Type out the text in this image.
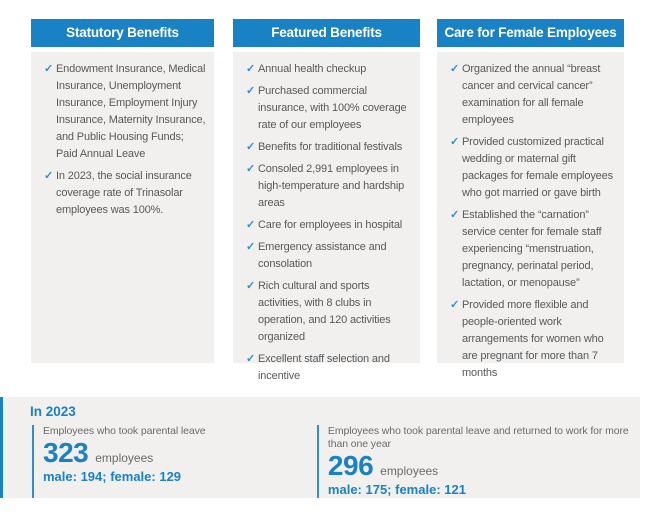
Statutory Benefits
✓ Endowment Insurance, Medical Insurance, Unemployment Insurance, Employment Injury Insurance, Maternity Insurance, and Public Housing Funds; Paid Annual Leave
✓ In 2023, the social insurance coverage rate of Trinasolar employees was 100%.
Featured Benefits
✓ Annual health checkup
✓ Purchased commercial insurance, with 100% coverage rate of our employees
✓ Benefits for traditional festivals
✓ Consoled 2,991 employees in high-temperature and hardship areas
✓ Care for employees in hospital
✓ Emergency assistance and consolation
✓ Rich cultural and sports activities, with 8 clubs in operation, and 120 activities organized
✓ Excellent staff selection and incentive
Care for Female Employees
✓ Organized the annual “breast cancer and cervical cancer” examination for all female employees
✓ Provided customized practical wedding or maternal gift packages for female employees who got married or gave birth
✓ Established the “carnation” service center for female staff experiencing “menstruation, pregnancy, perinatal period, lactation, or menopause”
✓ Provided more flexible and people-oriented work arrangements for women who are pregnant for more than 7 months
In 2023
Employees who took parental leave
323 employees
male: 194; female: 129
Employees who took parental leave and returned to work for more than one year
296 employees
male: 175; female: 121
